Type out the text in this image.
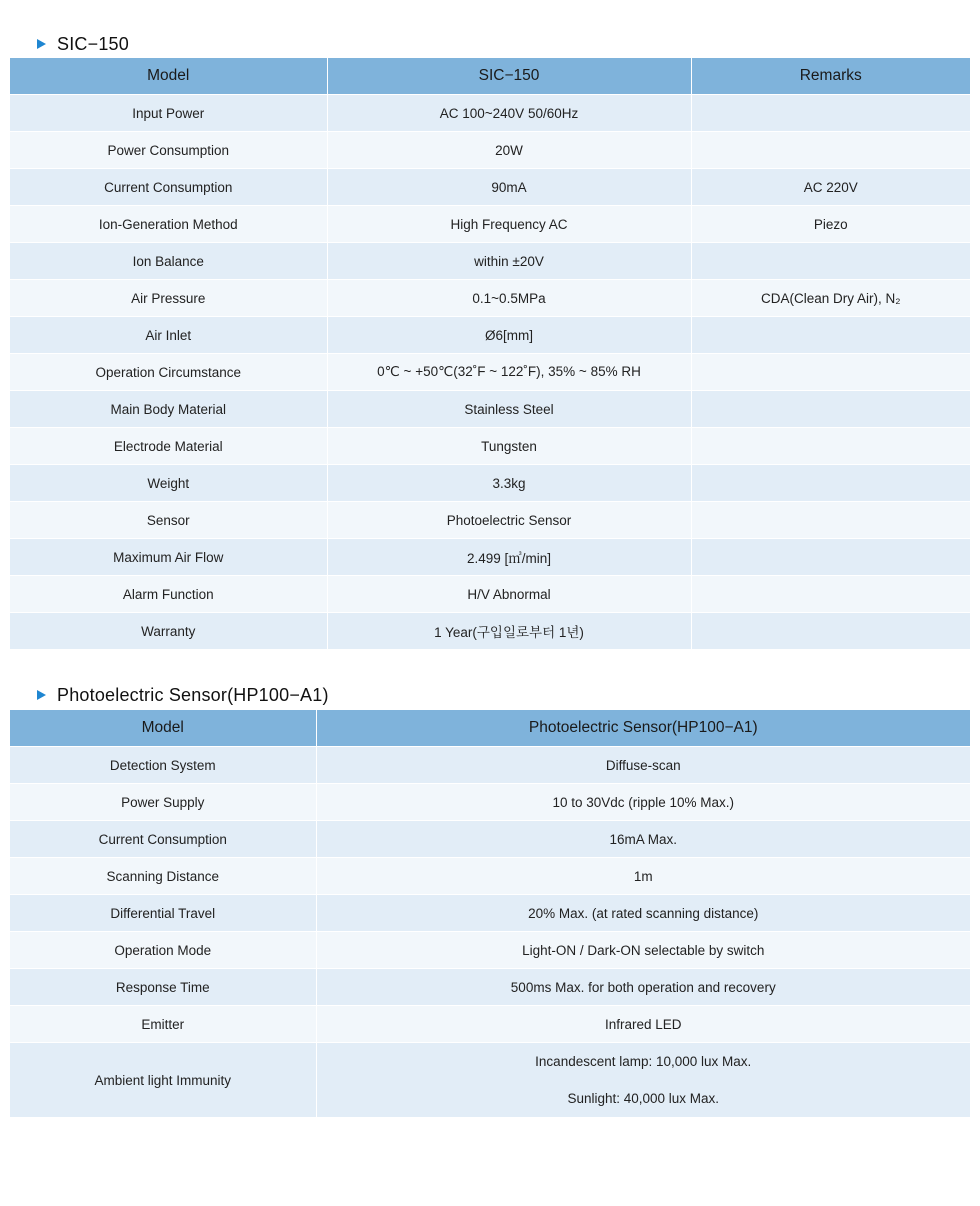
SIC−150
Model	SIC−150	Remarks
Input Power	AC 100~240V 50/60Hz	
Power Consumption	20W	
Current Consumption	90mA	AC 220V
Ion-Generation Method	High Frequency AC	Piezo
Ion Balance	within ±20V	
Air Pressure	0.1~0.5MPa	CDA(Clean Dry Air), N₂
Air Inlet	Ø6[mm]	
Operation Circumstance	0℃ ~ +50℃(32˚F ~ 122˚F), 35% ~ 85% RH	
Main Body Material	Stainless Steel	
Electrode Material	Tungsten	
Weight	3.3kg	
Sensor	Photoelectric Sensor	
Maximum Air Flow	2.499 [㎥/min]	
Alarm Function	H/V Abnormal	
Warranty	1 Year(구입일로부터 1년)	
Photoelectric Sensor(HP100−A1)
Model	Photoelectric Sensor(HP100−A1)
Detection System	Diffuse-scan
Power Supply	10 to 30Vdc (ripple 10% Max.)
Current Consumption	16mA Max.
Scanning Distance	1m
Differential Travel	20% Max. (at rated scanning distance)
Operation Mode	Light-ON / Dark-ON selectable by switch
Response Time	500ms Max. for both operation and recovery
Emitter	Infrared LED
Ambient light Immunity	Incandescent lamp: 10,000 lux Max.
Sunlight: 40,000 lux Max.
